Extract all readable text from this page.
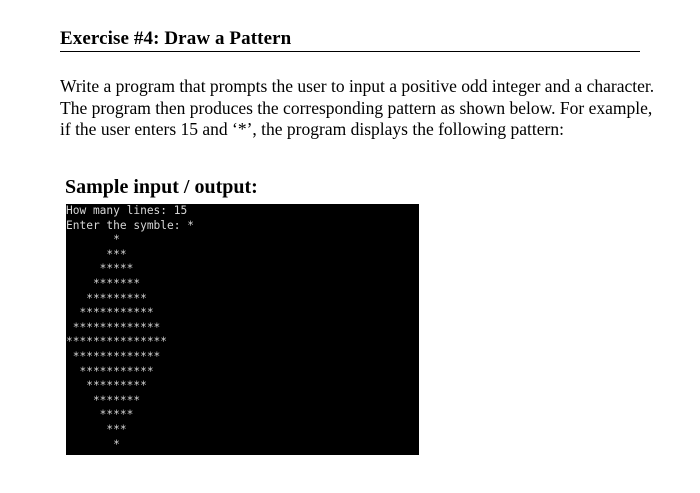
Exercise #4: Draw a Pattern

Write a program that prompts the user to input a positive odd integer and a character. The program then produces the corresponding pattern as shown below. For example, if the user enters 15 and ‘*’, the program displays the following pattern:

Sample input / output:

How many lines: 15
Enter the symble: *
*
***
*****
*******
*********
***********
*************
***************
*************
***********
*********
*******
*****
***
*
